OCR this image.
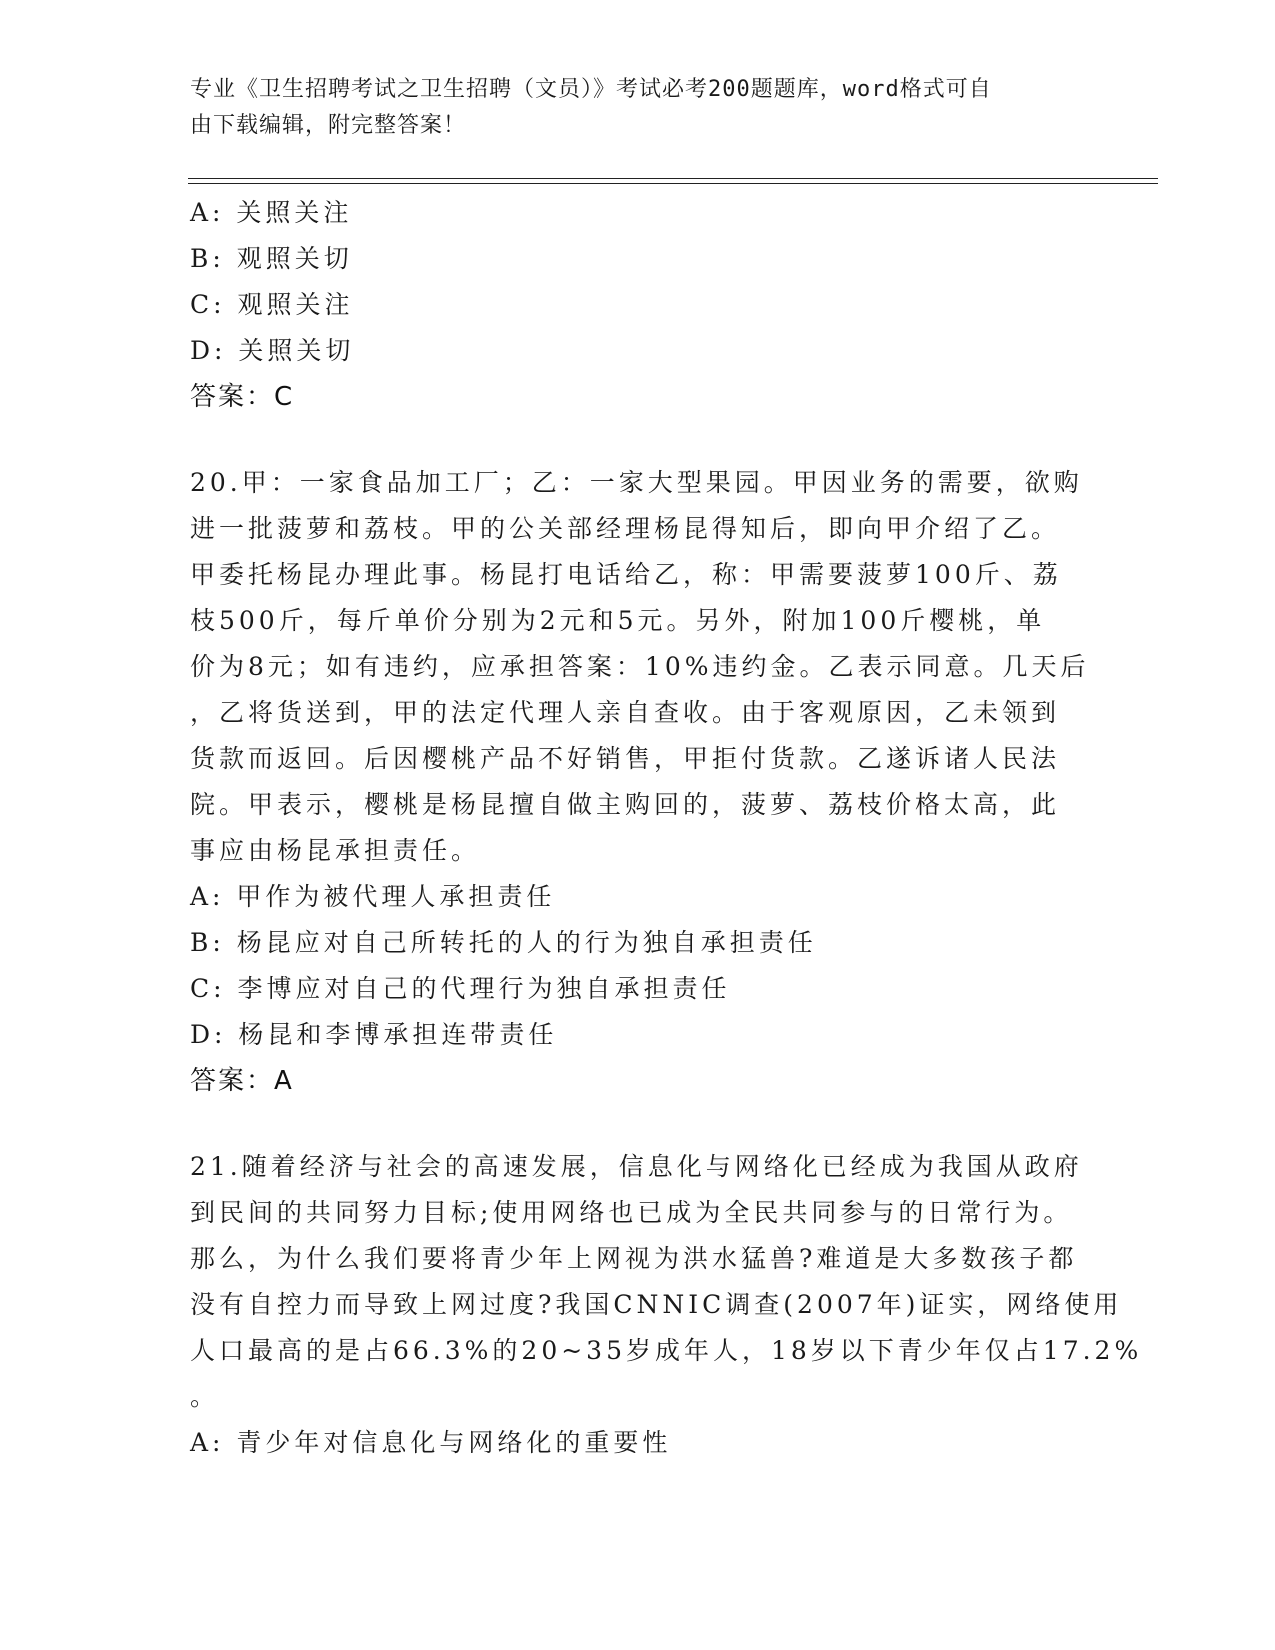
专业《卫生招聘考试之卫生招聘（文员）》考试必考200题题库，word格式可自
由下载编辑，附完整答案！
A: 关照关注
B: 观照关切
C: 观照关注
D: 关照关切
答案：C
20.甲：一家食品加工厂；乙：一家大型果园。甲因业务的需要，欲购
进一批菠萝和荔枝。甲的公关部经理杨昆得知后，即向甲介绍了乙。
甲委托杨昆办理此事。杨昆打电话给乙，称：甲需要菠萝100斤、荔
枝500斤，每斤单价分别为2元和5元。另外，附加100斤樱桃，单
价为8元；如有违约，应承担答案：10%违约金。乙表示同意。几天后
，乙将货送到，甲的法定代理人亲自查收。由于客观原因，乙未领到
货款而返回。后因樱桃产品不好销售，甲拒付货款。乙遂诉诸人民法
院。甲表示，樱桃是杨昆擅自做主购回的，菠萝、荔枝价格太高，此
事应由杨昆承担责任。
A: 甲作为被代理人承担责任
B: 杨昆应对自己所转托的人的行为独自承担责任
C: 李博应对自己的代理行为独自承担责任
D: 杨昆和李博承担连带责任
答案：A
21.随着经济与社会的高速发展，信息化与网络化已经成为我国从政府
到民间的共同努力目标;使用网络也已成为全民共同参与的日常行为。
那么，为什么我们要将青少年上网视为洪水猛兽?难道是大多数孩子都
没有自控力而导致上网过度?我国CNNIC调查(2007年)证实，网络使用
人口最高的是占66.3%的20~35岁成年人，18岁以下青少年仅占17.2%
。
A: 青少年对信息化与网络化的重要性
